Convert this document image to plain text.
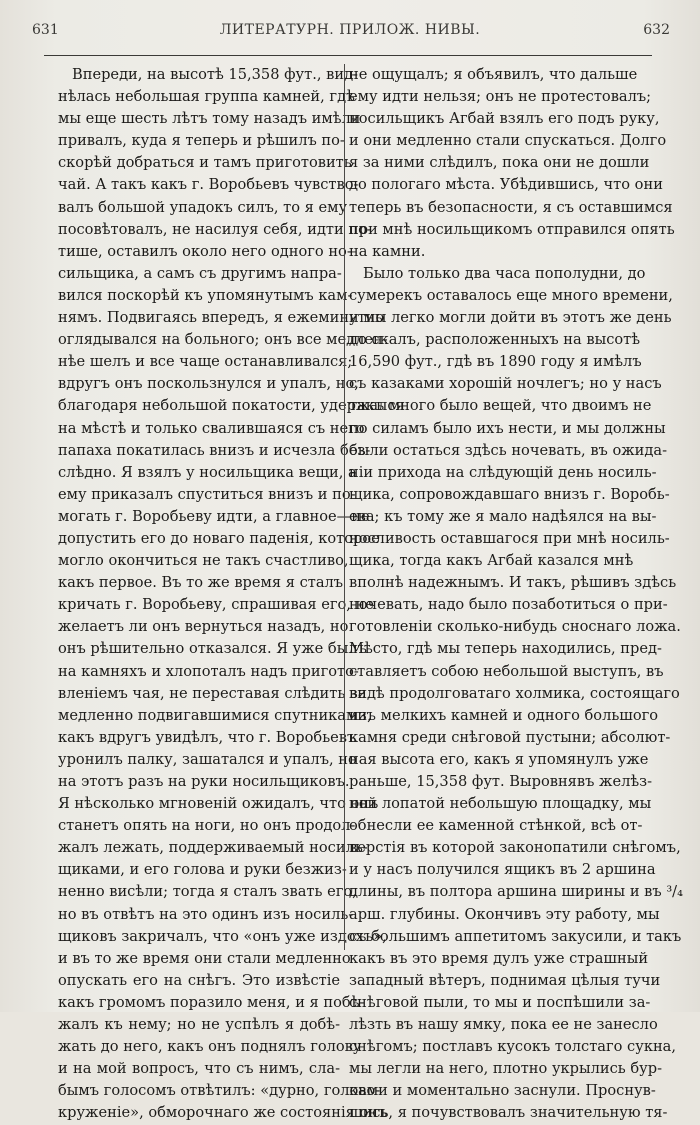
631	ЛИТЕРАТУРН. ПРИЛОЖ. НИВЫ.	632
Впереди, на высотѣ 15,358 фут., вид-
нѣлась небольшая группа камней, гдѣ
мы еще шесть лѣтъ тому назадъ имѣли
привалъ, куда я теперь и рѣшилъ по-
скорѣй добраться и тамъ приготовить
чай. А такъ какъ г. Воробьевъ чувство-
валъ большой упадокъ силъ, то я ему
посовѣтовалъ, не насилуя себя, идти по-
тише, оставилъ около него одного но-
сильщика, а самъ съ другимъ напра-
вился поскорѣй къ упомянутымъ кам-
нямъ. Подвигаясь впередъ, я ежеминутно
оглядывался на больного; онъ все медлен-
нѣе шелъ и все чаще останавливался;
вдругъ онъ поскользнулся и упалъ, но,
благодаря небольшой покатости, удержался
на мѣстѣ и только свалившаяся съ него
папаха покатилась внизъ и исчезла без-
слѣдно. Я взялъ у носильщика вещи, а
ему приказалъ спуститься внизъ и по-
могать г. Воробьеву идти, а главное—не
допустить его до новаго паденія, которое
могло окончиться не такъ счастливо,
какъ первое. Въ то же время я сталъ
кричать г. Воробьеву, спрашивая его, не
желаетъ ли онъ вернуться назадъ, но
онъ рѣшительно отказался. Я уже былъ
на камняхъ и хлопоталъ надъ пригото-
вленіемъ чая, не переставая слѣдить за
медленно подвигавшимися спутниками,
какъ вдругъ увидѣлъ, что г. Воробьевъ
уронилъ палку, зашатался и упалъ, но
на этотъ разъ на руки носильщиковъ.
Я нѣсколько мгновеній ожидалъ, что онъ
станетъ опять на ноги, но онъ продол-
жалъ лежать, поддерживаемый носиль-
щиками, и его голова и руки безжиз-
ненно висѣли; тогда я сталъ звать его,
но въ отвѣтъ на это одинъ изъ носиль-
щиковъ закричалъ, что «онъ уже издохъ»,
и въ то же время они стали медленно
опускать его на снѣгъ. Это извѣстіе
какъ громомъ поразило меня, и я побѣ-
жалъ къ нему; но не успѣлъ я добѣ-
жать до него, какъ онъ поднялъ голову
и на мой вопросъ, что съ нимъ, сла-
бымъ голосомъ отвѣтилъ: «дурно, голово-
круженіе», обморочнаго же состоянія онъ
не ощущалъ; я объявилъ, что дальше
ему идти нельзя; онъ не протестовалъ;
носильщикъ Агбай взялъ его подъ руку,
и они медленно стали спускаться. Долго
я за ними слѣдилъ, пока они не дошли
до пологаго мѣста. Убѣдившись, что они
теперь въ безопасности, я съ оставшимся
при мнѣ носильщикомъ отправился опять
на камни.
Было только два часа пополудни, до
сумерекъ оставалось еще много времени,
и мы легко могли дойти въ этотъ же день
до скалъ, расположенныхъ на высотѣ
16,590 фут., гдѣ въ 1890 году я имѣлъ
съ казаками хорошій ночлегъ; но у насъ
такъ много было вещей, что двоимъ не
по силамъ было ихъ нести, и мы должны
были остаться здѣсь ночевать, въ ожида-
ніи прихода на слѣдующій день носиль-
щика, сопровождавшаго внизъ г. Воробь-
ева; къ тому же я мало надѣялся на вы-
носливость оставшагося при мнѣ носиль-
щика, тогда какъ Агбай казался мнѣ
вполнѣ надежнымъ. И такъ, рѣшивъ здѣсь
ночевать, надо было позаботиться о при-
готовленіи сколько-нибудь сноснаго ложа.
Мѣсто, гдѣ мы теперь находились, пред-
ставляетъ собою небольшой выступъ, въ
видѣ продолговатаго холмика, состоящаго
изъ мелкихъ камней и одного большого
камня среди снѣговой пустыни; абсолют-
ная высота его, какъ я упомянулъ уже
раньше, 15,358 фут. Выровнявъ желѣз-
ной лопатой небольшую площадку, мы
обнесли ее каменной стѣнкой, всѣ от-
верстія въ которой законопатили снѣгомъ,
и у насъ получился ящикъ въ 2 аршина
длины, въ полтора аршина ширины и въ ³/₄
арш. глубины. Окончивъ эту работу, мы
съ большимъ аппетитомъ закусили, и такъ
какъ въ это время дулъ уже страшный
западный вѣтеръ, поднимая цѣлыя тучи
снѣговой пыли, то мы и поспѣшили за-
лѣзть въ нашу ямку, пока ее не занесло
снѣгомъ; постлавъ кусокъ толстаго сукна,
мы легли на него, плотно укрылись бур-
ками и моментально заснули. Проснув-
шись, я почувствовалъ значительную тя-
